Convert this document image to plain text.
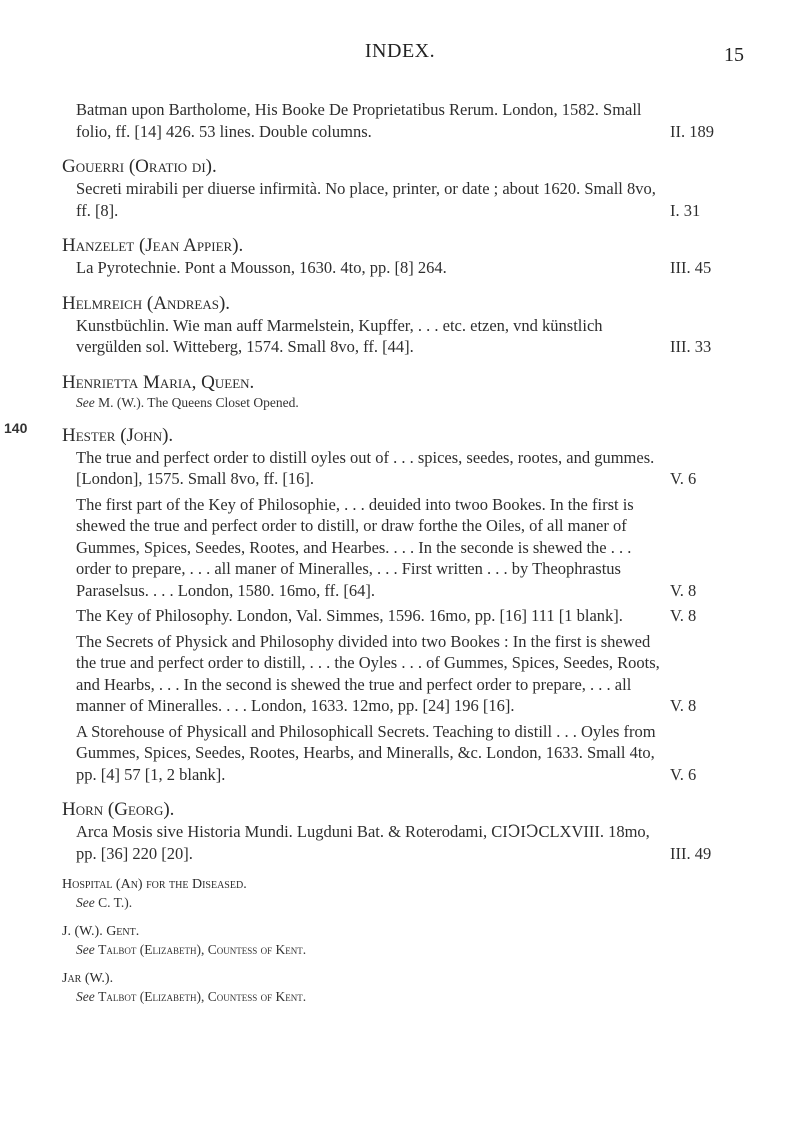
INDEX.	15
140
Batman upon Bartholome, His Booke De Proprietatibus Rerum. London, 1582. Small folio, ff. [14] 426. 53 lines. Double columns.	II. 189
Gouerri (Oratio di).
Secreti mirabili per diuerse infirmità. No place, printer, or date ; about 1620. Small 8vo, ff. [8].	I. 31
Hanzelet (Jean Appier).
La Pyrotechnie. Pont a Mousson, 1630. 4to, pp. [8] 264.	III. 45
Helmreich (Andreas).
Kunstbüchlin. Wie man auff Marmelstein, Kupffer, . . . etc. etzen, vnd künstlich vergülden sol. Witteberg, 1574. Small 8vo, ff. [44].	III. 33
Henrietta Maria, Queen.
See M. (W.). The Queens Closet Opened.
Hester (John).
The true and perfect order to distill oyles out of . . . spices, seedes, rootes, and gummes. [London], 1575. Small 8vo, ff. [16].	V. 6
The first part of the Key of Philosophie, . . . deuided into twoo Bookes. In the first is shewed the true and perfect order to distill, or draw forthe the Oiles, of all maner of Gummes, Spices, Seedes, Rootes, and Hearbes. . . . In the seconde is shewed the . . . order to prepare, . . . all maner of Mineralles, . . . First written . . . by Theophrastus Paraselsus. . . . London, 1580. 16mo, ff. [64].	V. 8
The Key of Philosophy. London, Val. Simmes, 1596. 16mo, pp. [16] 111 [1 blank].	V. 8
The Secrets of Physick and Philosophy divided into two Bookes : In the first is shewed the true and perfect order to distill, . . . the Oyles . . . of Gummes, Spices, Seedes, Roots, and Hearbs, . . . In the second is shewed the true and perfect order to prepare, . . . all manner of Mineralles. . . . London, 1633. 12mo, pp. [24] 196 [16].	V. 8
A Storehouse of Physicall and Philosophicall Secrets. Teaching to distill . . . Oyles from Gummes, Spices, Seedes, Rootes, Hearbs, and Mineralls, &c. London, 1633. Small 4to, pp. [4] 57 [1, 2 blank].	V. 6
Horn (Georg).
Arca Mosis sive Historia Mundi. Lugduni Bat. & Roterodami, CIↃIↃCLXVIII. 18mo, pp. [36] 220 [20].	III. 49
Hospital (An) for the Diseased.
See C. T.).
J. (W.). Gent.
See Talbot (Elizabeth), Countess of Kent.
Jar (W.).
See Talbot (Elizabeth), Countess of Kent.
